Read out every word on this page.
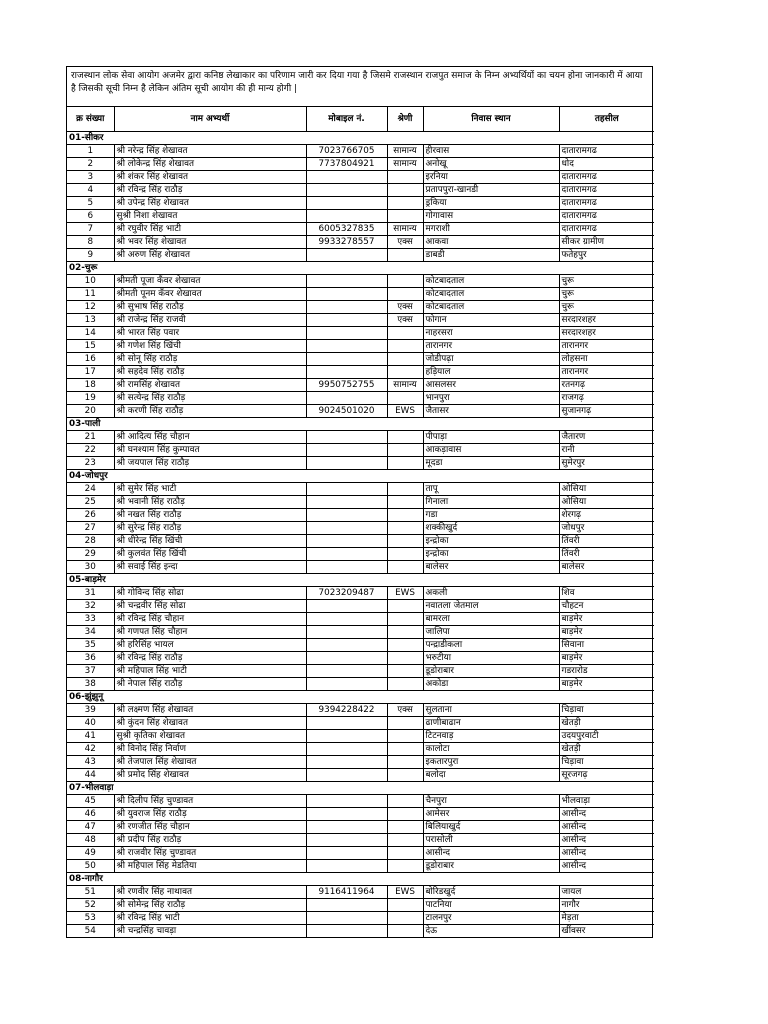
राजस्थान लोक सेवा आयोग अजमेर द्वारा कनिष्ठ लेखाकार का परिणाम जारी कर दिया गया है जिसमे राजस्थान राजपुत समाज के निम्न अभ्यर्थियों का चयन होना जानकारी में आया है जिसकी सूची निम्न है लेकिन अंतिम सूची आयोग की ही मान्य होगी |
क्र संख्या	नाम अभ्यर्थी	मोबाइल नं.	श्रेणी	निवास स्थान	तहसील
01-सीकर					
1	श्री नरेन्द्र सिंह शेखावत	7023766705	सामान्य	हीरवास	दातारामगढ
2	श्री लोकेन्द्र सिंह शेखावत	7737804921	सामान्य	अनोखू	धोद
3	श्री शंकर सिंह शेखावत			इरनिया	दातारामगढ
4	श्री रविन्द्र सिंह राठौड़			प्रतापपुरा-खानडी	दातारामगढ
5	श्री उपेन्द्र सिंह शेखावत			ड्रकिया	दातारामगढ
6	सुश्री निशा शेखावत			गोगावास	दातारामगढ
7	श्री रघुवीर सिंह भाटी	6005327835	सामान्य	मगराशी	दातारामगढ
8	श्री भवर सिंह शेखावत	9933278557	एक्स	आकवा	सीकर ग्रामीण
9	श्री अरुण सिंह शेखावत			डाबडी	फतेहपुर
02-चुरू					
10	श्रीमती पूजा कँवर शेखावत			कोटबादताल	चुरू
11	श्रीमती पूनम कँवर शेखावत			कोटबादताल	चुरू
12	श्री सुभाष सिंह राठौड़		एक्स	कोटबादताल	चुरू
13	श्री राजेन्द्र सिंह राजवी		एक्स	फोगान	सरदारशहर
14	श्री भारत सिंह पवार			नाहरसरा	सरदारशहर
15	श्री गणेश सिंह खिंची			तारानगर	तारानगर
16	श्री सोनू सिंह राठौड़			जोडीपढ़ा	लोहसना
17	श्री सहदेव सिंह राठौड़			हड़ियाल	तारानगर
18	श्री रामसिंह शेखावत	9950752755	सामान्य	आसलसर	रतनगढ़
19	श्री सत्येन्द्र सिंह राठौड़			भानपुरा	राजगढ़
20	श्री करणी सिंह राठौड़	9024501020	EWS	जैतासर	सुजानगढ़
03-पाली					
21	श्री आदित्य सिंह चौहान			पीपाड़ा	जैतारण
22	श्री घनश्याम सिंह कुम्पावत			आकड़ावास	रानी
23	श्री जयपाल सिंह राठौड़			मूदडा	सुमेरपुर
04-जोधपुर					
24	श्री सुमेर सिंह भाटी			तापू	ओसिया
25	श्री भवानी सिंह राठौड़			गिनाला	ओसिया
26	श्री नखत सिंह राठौड़			गडा	शेरगढ़
27	श्री सुरेन्द्र सिंह राठौड़			शक्कीखुर्द	जोधपुर
28	श्री धीरेन्द्र सिंह खिंची			इन्द्रोका	तिंवरी
29	श्री कुलवंत सिंह खिंची			इन्द्रोका	तिंवरी
30	श्री सवाई सिंह इन्दा			बालेसर	बालेसर
05-बाड़मेर					
31	श्री गोविन्द सिंह सोढा	7023209487	EWS	अकली	शिव
32	श्री चन्द्रवीर सिंह सोढा			नवातला जेतमाल	चौहटन
33	श्री रविन्द्र सिंह चौहान			बामरला	बाड़मेर
34	श्री गणपत सिंह चौहान			जालिपा	बाड़मेर
35	श्री हरिसिंह भायल			पन्द्राडीकला	सिवाना
36	श्री रविन्द्र सिंह राठौड़			भरुटीया	बाड़मेर
37	श्री महिपाल सिंह भाटी			डूडोराबार	गडरारोड
38	श्री नेपाल सिंह राठौड़			अकोडा	बाड़मेर
06-झुंझुनू					
39	श्री लक्ष्मण सिंह शेखावत	9394228422	एक्स	सुलताना	चिड़ावा
40	श्री कुंदन सिंह शेखावत			ढाणीबाढान	खेतड़ी
41	सुश्री कृतिका शेखावत			टिटनवाड़	उदयपुरवाटी
42	श्री विनोद सिंह निर्वाण			कालोटा	खेतड़ी
43	श्री तेजपाल सिंह शेखावत			इकतारपुरा	चिड़ावा
44	श्री प्रमोद सिंह शेखावत			बलोदा	सूरजगढ़
07-भीलवाड़ा					
45	श्री दिलीप सिंह चुण्डावत			चैनपुरा	भीलवाड़ा
46	श्री युवराज सिंह राठौड़			आमेसर	आसीन्द
47	श्री रणजीत सिंह चौहान			बिलियाखुर्द	आसीन्द
48	श्री प्रदीप सिंह राठौड़			परासोली	आसीन्द
49	श्री राजवीर सिंह चुण्डावत			आसीन्द	आसीन्द
50	श्री महिपाल सिंह मेडतिया			डूडोराबार	आसीन्द
08-नागौर					
51	श्री रणवीर सिंह नाथावत	9116411964	EWS	बोरिडखुर्द	जायल
52	श्री सोमेन्द्र सिंह राठौड़			पाटनिया	नागौर
53	श्री रविन्द्र सिंह भाटी			टालनपुर	मेड़ता
54	श्री चन्द्रसिंह चावड़ा			देऊ	खींवसर
